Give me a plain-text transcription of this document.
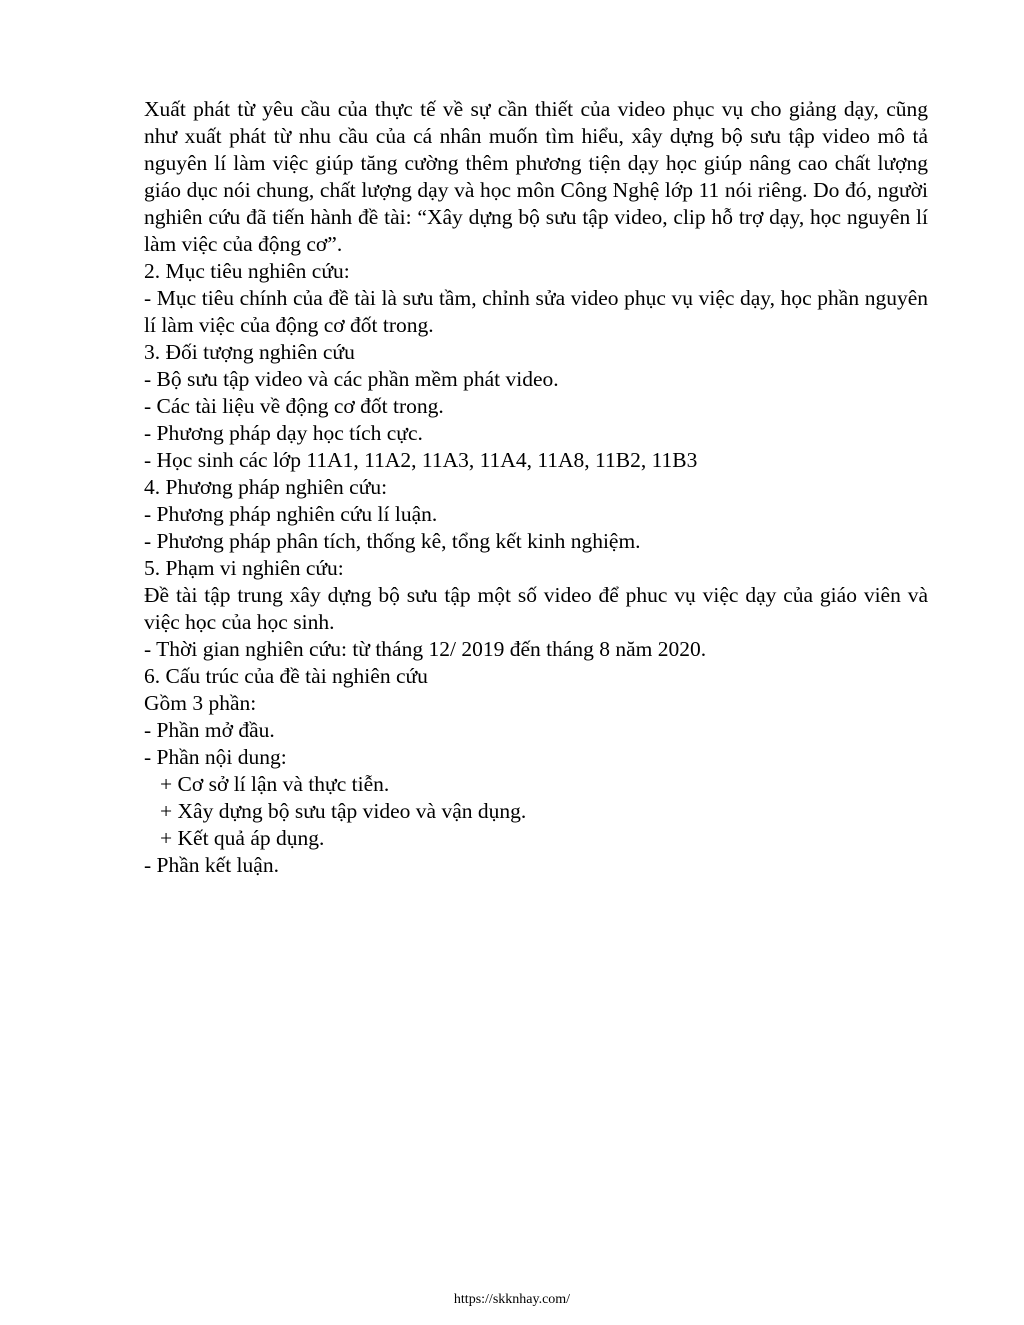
Xuất phát từ yêu cầu của thực tế về sự cần thiết của video phục vụ cho giảng dạy, cũng như xuất phát từ nhu cầu của cá nhân muốn tìm hiểu, xây dựng bộ sưu tập video mô tả nguyên lí làm việc giúp tăng cường thêm phương tiện dạy học giúp nâng cao chất lượng giáo dục nói chung, chất lượng dạy và học môn Công Nghệ lớp 11 nói riêng. Do đó, người nghiên cứu đã tiến hành đề tài: “Xây dựng bộ sưu tập video, clip hỗ trợ dạy, học nguyên lí làm việc của động cơ”.

2. Mục tiêu nghiên cứu:

- Mục tiêu chính của đề tài là sưu tầm, chỉnh sửa video phục vụ việc dạy, học phần nguyên lí làm việc của động cơ đốt trong.

3. Đối tượng nghiên cứu

- Bộ sưu tập video và các phần mềm phát video.

- Các tài liệu về động cơ đốt trong.

- Phương pháp dạy học tích cực.

- Học sinh các lớp 11A1, 11A2, 11A3, 11A4, 11A8, 11B2, 11B3

4. Phương pháp nghiên cứu:

- Phương pháp nghiên cứu lí luận.

- Phương pháp phân tích, thống kê, tổng kết kinh nghiệm.

5. Phạm vi nghiên cứu:

Đề tài tập trung xây dựng bộ sưu tập một số video để phuc vụ việc dạy của giáo viên và việc học của học sinh.

- Thời gian nghiên cứu: từ tháng 12/ 2019 đến tháng 8 năm 2020.

6. Cấu trúc của đề tài nghiên cứu

Gồm 3 phần:

- Phần mở đầu.

- Phần nội dung:

+ Cơ sở lí lận và thực tiễn.

+ Xây dựng bộ sưu tập video và vận dụng.

+ Kết quả áp dụng.

- Phần kết luận.

https://skknhay.com/
